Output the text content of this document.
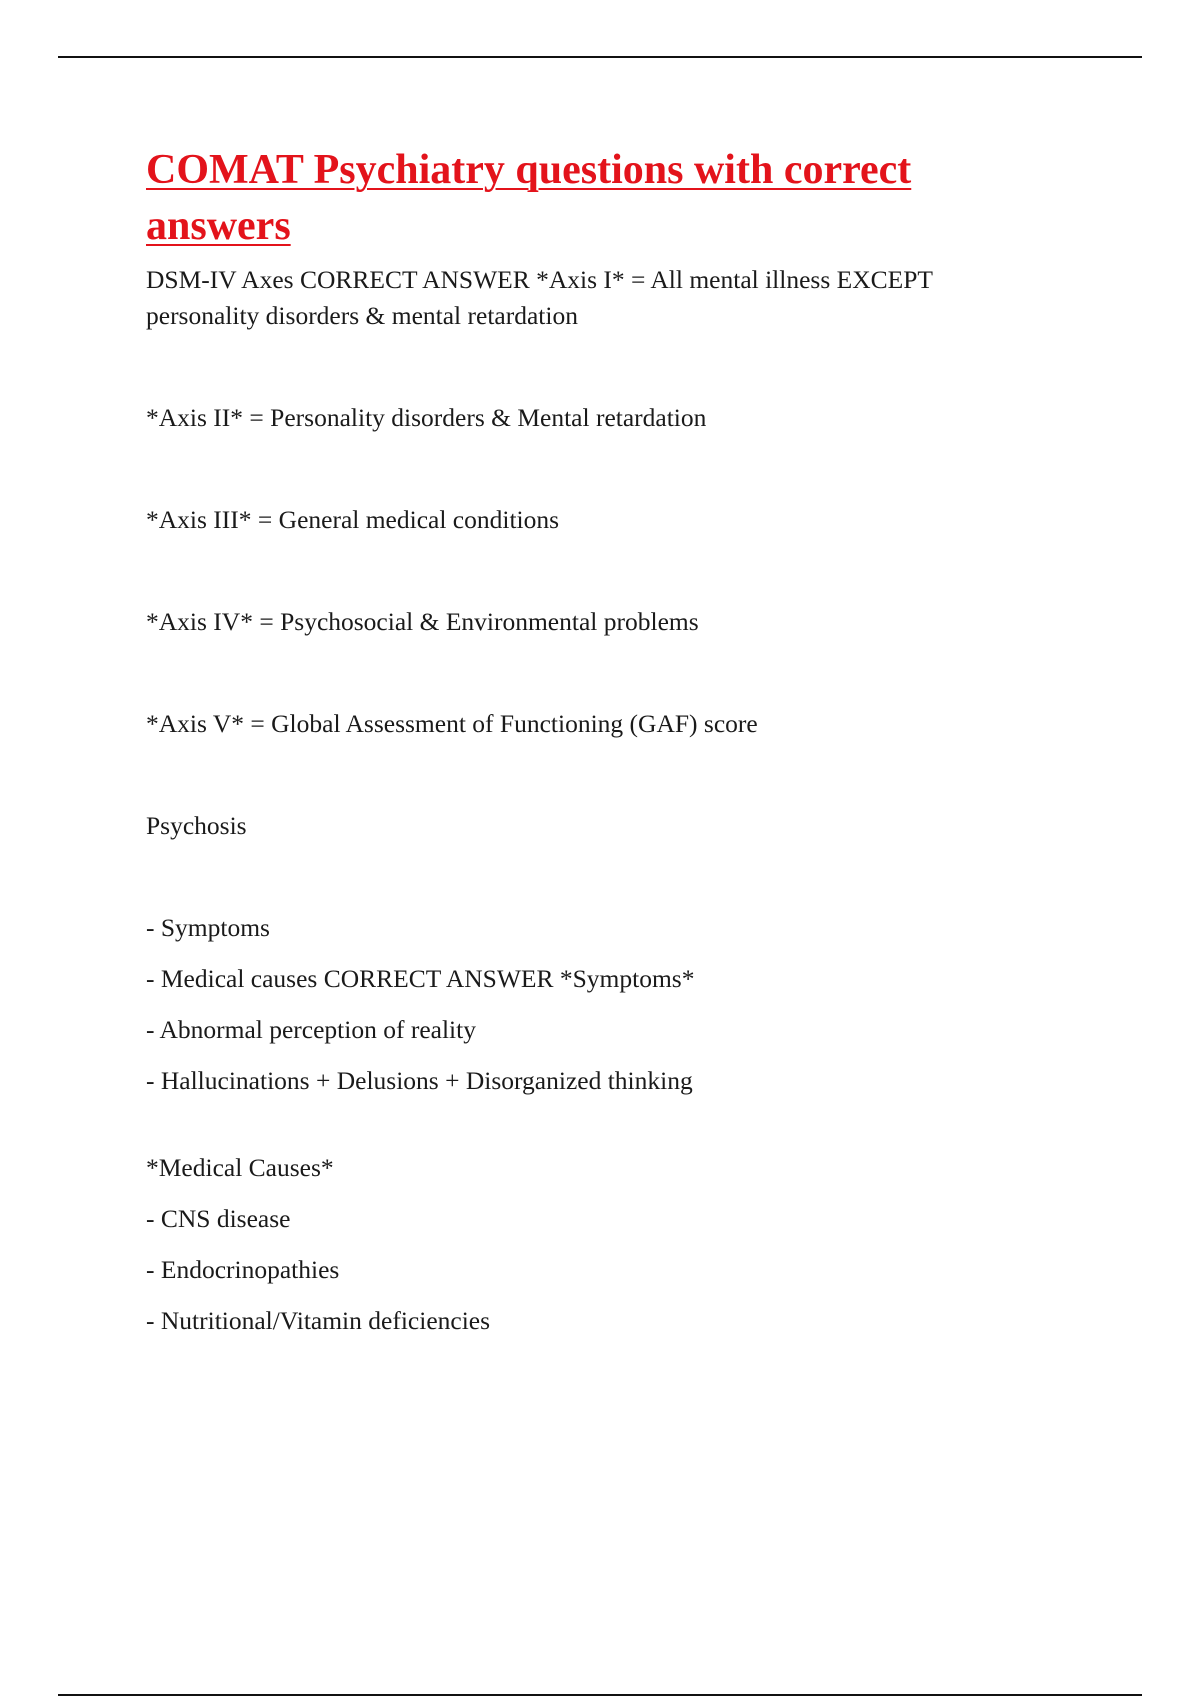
COMAT Psychiatry questions with correct
answers

DSM-IV Axes CORRECT ANSWER *Axis I* = All mental illness EXCEPT
personality disorders & mental retardation

*Axis II* = Personality disorders & Mental retardation

*Axis III* = General medical conditions

*Axis IV* = Psychosocial & Environmental problems

*Axis V* = Global Assessment of Functioning (GAF) score

Psychosis

- Symptoms

- Medical causes CORRECT ANSWER *Symptoms*

- Abnormal perception of reality

- Hallucinations + Delusions + Disorganized thinking

*Medical Causes*

- CNS disease

- Endocrinopathies

- Nutritional/Vitamin deficiencies
